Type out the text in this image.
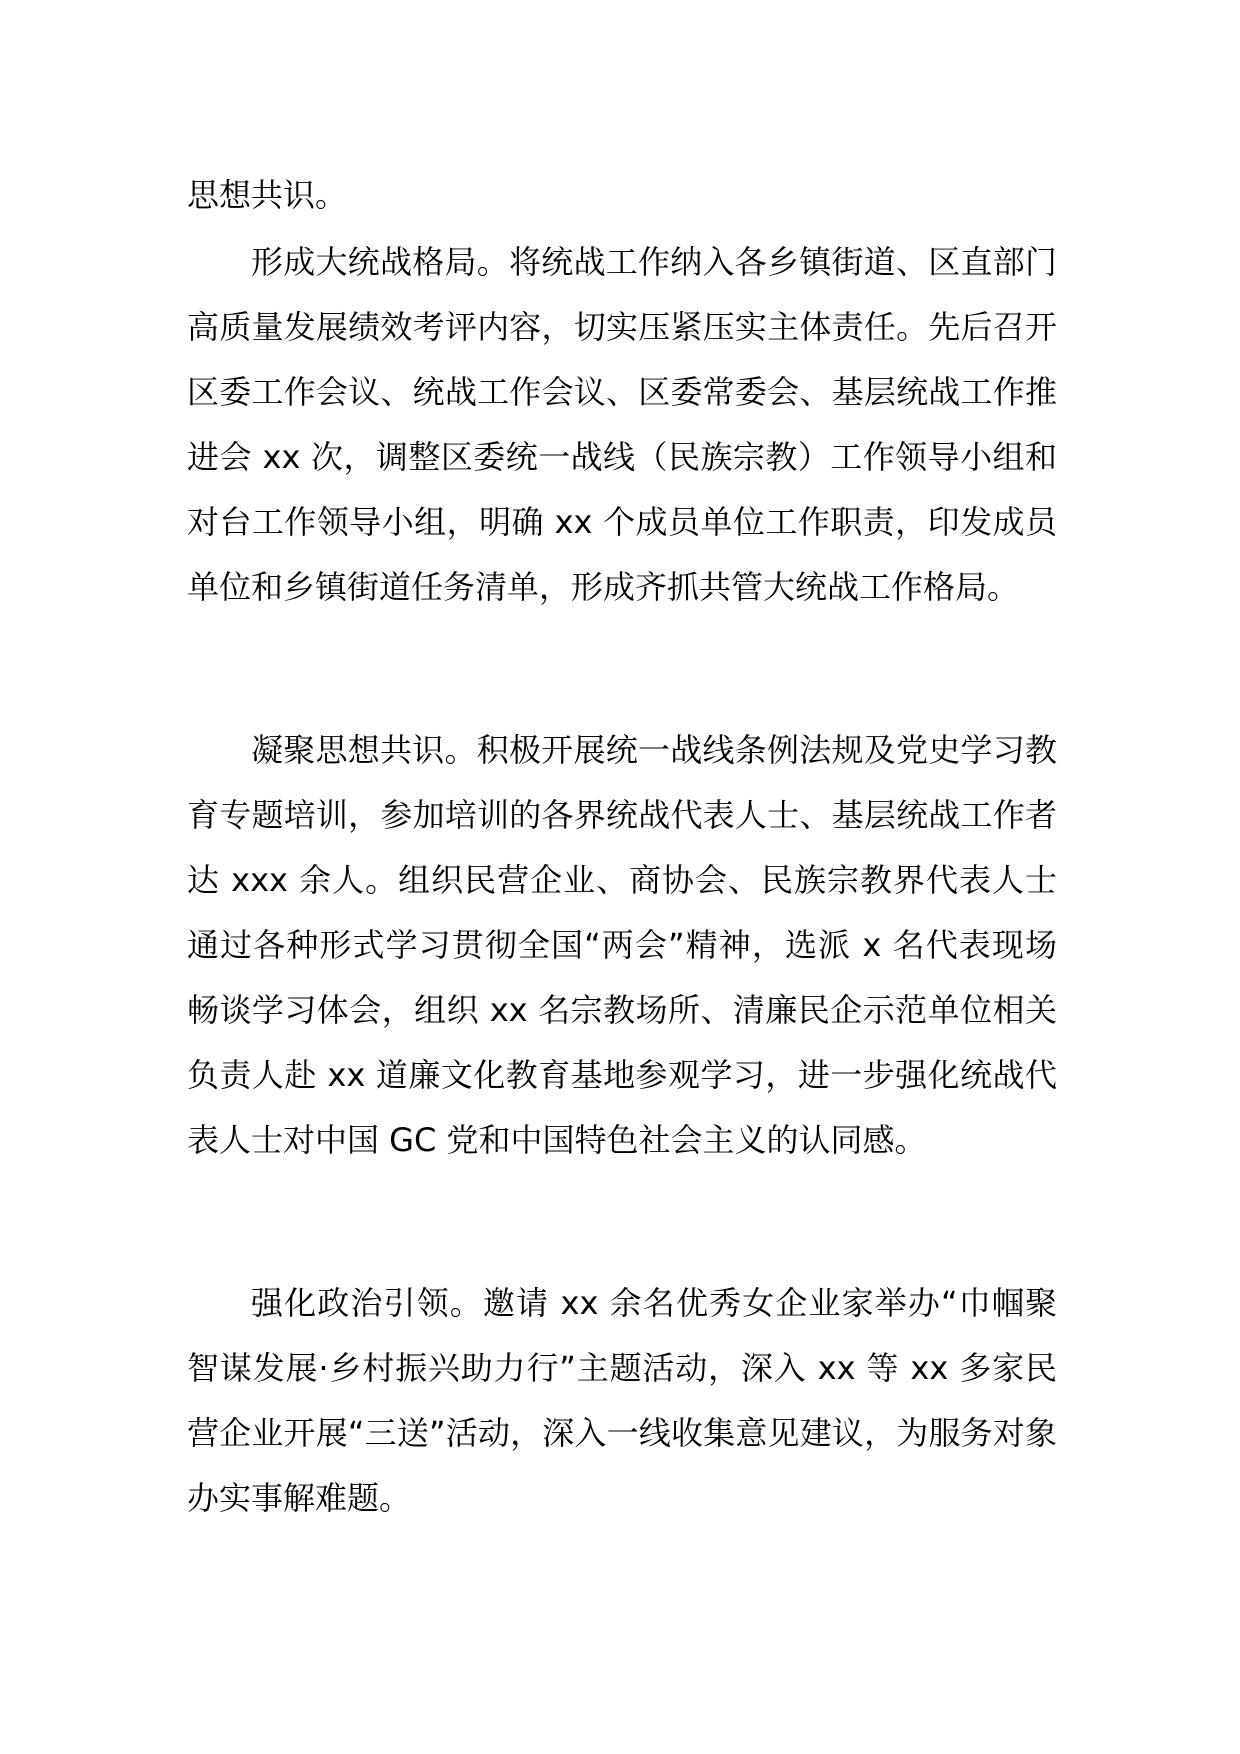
思想共识。

形成大统战格局。将统战工作纳入各乡镇街道、区直部门高质量发展绩效考评内容，切实压紧压实主体责任。先后召开区委工作会议、统战工作会议、区委常委会、基层统战工作推进会 xx 次，调整区委统一战线（民族宗教）工作领导小组和对台工作领导小组，明确 xx 个成员单位工作职责，印发成员单位和乡镇街道任务清单，形成齐抓共管大统战工作格局。

凝聚思想共识。积极开展统一战线条例法规及党史学习教育专题培训，参加培训的各界统战代表人士、基层统战工作者达 xxx 余人。组织民营企业、商协会、民族宗教界代表人士通过各种形式学习贯彻全国“两会”精神，选派 x 名代表现场畅谈学习体会，组织 xx 名宗教场所、清廉民企示范单位相关负责人赴 xx 道廉文化教育基地参观学习，进一步强化统战代表人士对中国 GC 党和中国特色社会主义的认同感。

强化政治引领。邀请 xx 余名优秀女企业家举办“巾帼聚智谋发展·乡村振兴助力行”主题活动，深入 xx 等 xx 多家民营企业开展“三送”活动，深入一线收集意见建议，为服务对象办实事解难题。
